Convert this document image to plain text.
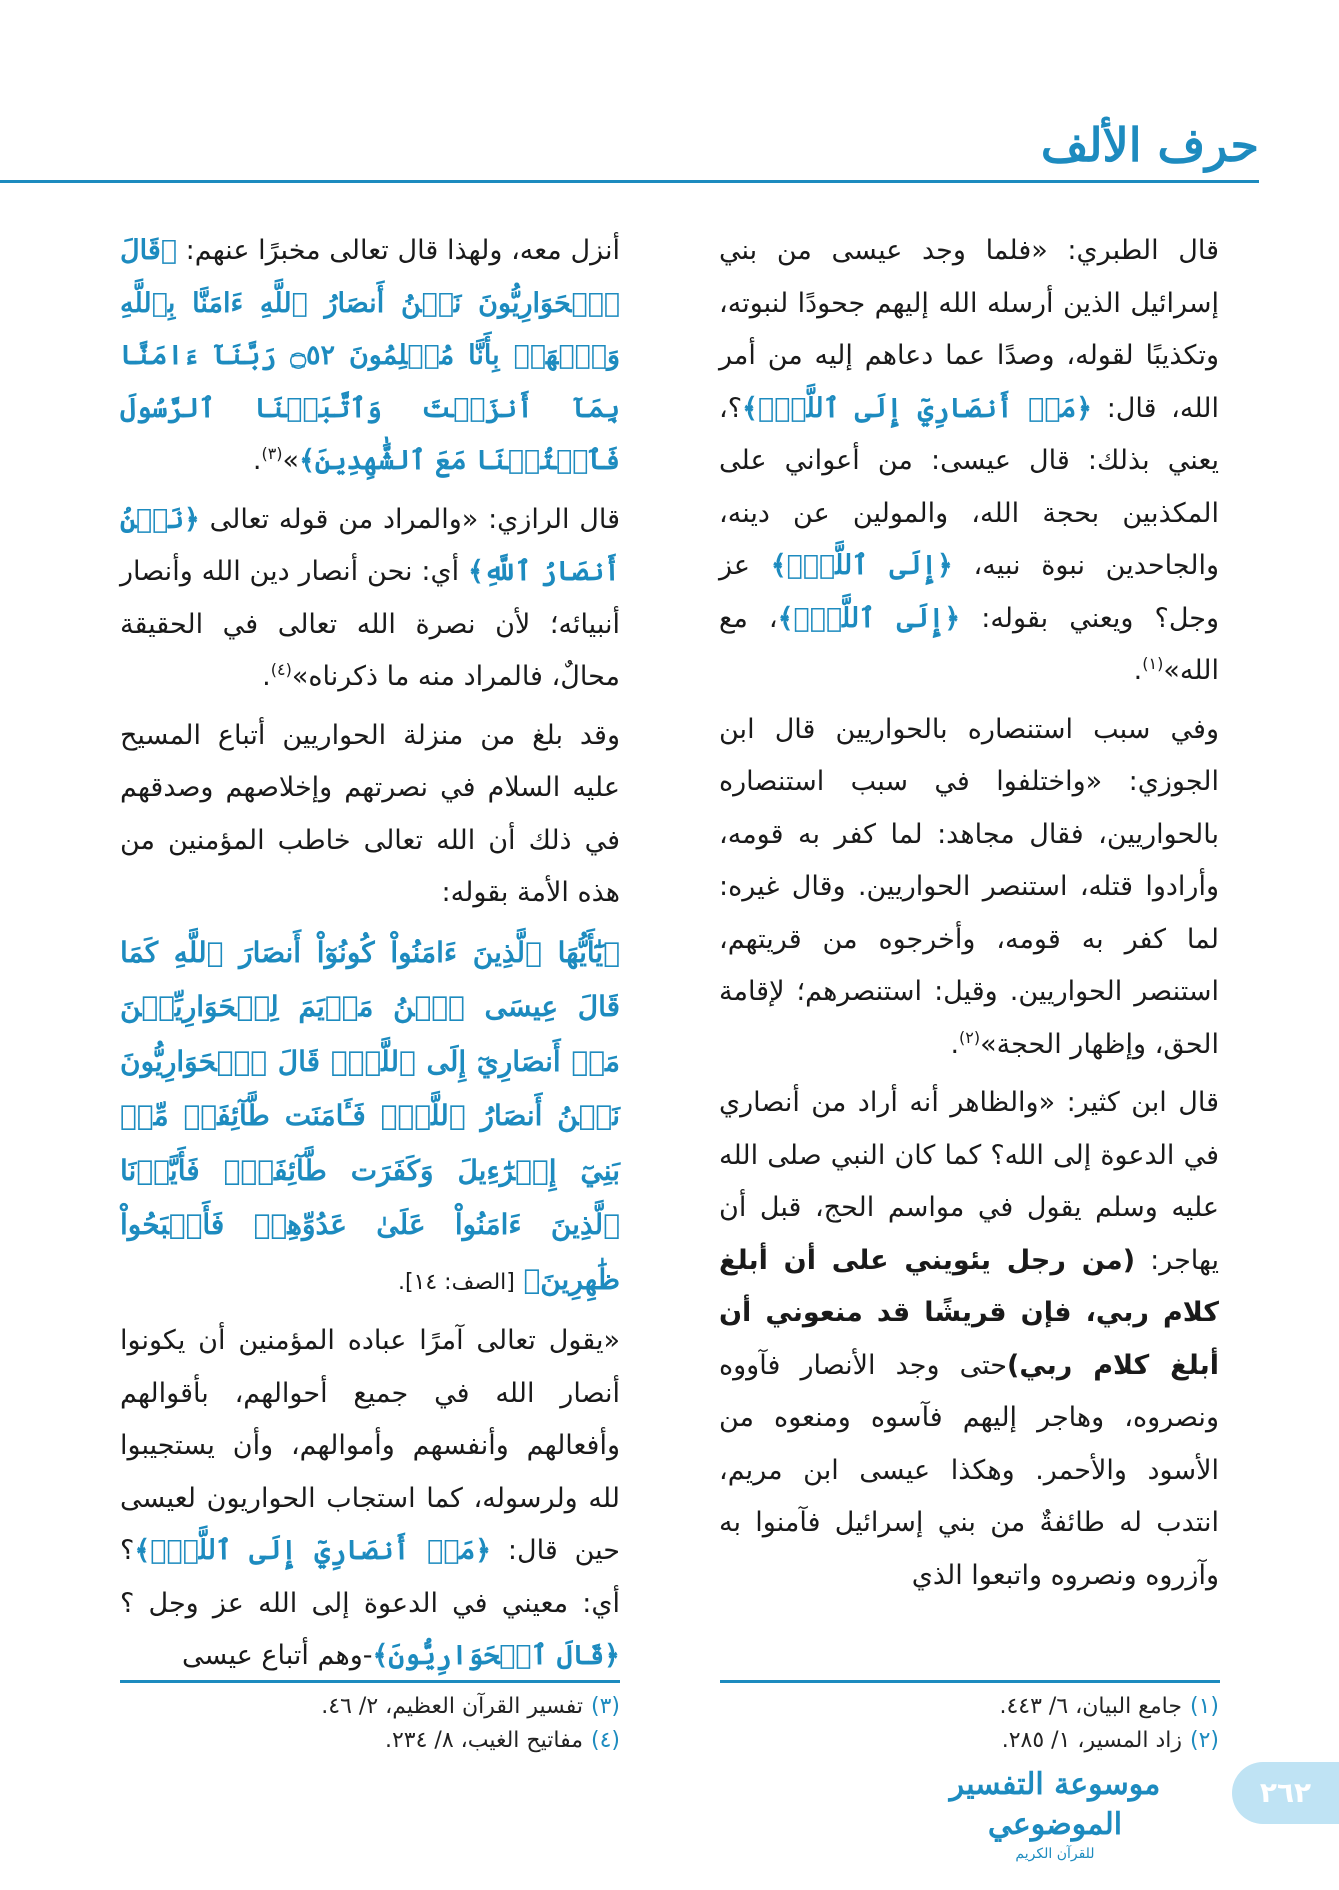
حرف الألف

قال الطبري: «فلما وجد عيسى من بني إسرائيل الذين أرسله الله إليهم جحودًا لنبوته، وتكذيبًا لقوله، وصدًا عما دعاهم إليه من أمر الله، قال: ﴿مَنۡ أَنصَارِيٓ إِلَى ٱللَّهِۖ﴾؟، يعني بذلك: قال عيسى: من أعواني على المكذبين بحجة الله، والمولين عن دينه، والجاحدين نبوة نبيه، ﴿إِلَى ٱللَّهِۖ﴾ عز وجل؟ ويعني بقوله: ﴿إِلَى ٱللَّهِۖ﴾، مع الله»$^{(١)}$.

وفي سبب استنصاره بالحواريين قال ابن الجوزي: «واختلفوا في سبب استنصاره بالحواريين، فقال مجاهد: لما كفر به قومه، وأرادوا قتله، استنصر الحواريين. وقال غيره: لما كفر به قومه، وأخرجوه من قريتهم، استنصر الحواريين. وقيل: استنصرهم؛ لإقامة الحق، وإظهار الحجة»$^{(٢)}$.

قال ابن كثير: «والظاهر أنه أراد من أنصاري في الدعوة إلى الله؟ كما كان النبي صلى الله عليه وسلم يقول في مواسم الحج، قبل أن يهاجر: (من رجل يئويني على أن أبلغ كلام ربي، فإن قريشًا قد منعوني أن أبلغ كلام ربي)حتى وجد الأنصار فآووه ونصروه، وهاجر إليهم فآسوه ومنعوه من الأسود والأحمر. وهكذا عيسى ابن مريم، انتدب له طائفةٌ من بني إسرائيل فآمنوا به وآزروه ونصروه واتبعوا الذي

أنزل معه، ولهذا قال تعالى مخبرًا عنهم: ﴿قَالَ ٱلۡحَوَارِيُّونَ نَحۡنُ أَنصَارُ ٱللَّهِ ءَامَنَّا بِٱللَّهِ وَٱشۡهَدۡ بِأَنَّا مُسۡلِمُونَ ۝٥٢ رَبَّنَآ ءَامَنَّا بِمَآ أَنزَلۡتَ وَٱتَّبَعۡنَا ٱلرَّسُولَ فَٱكۡتُبۡنَا مَعَ ٱلشَّٰهِدِينَ﴾»$^{(٣)}$.

قال الرازي: «والمراد من قوله تعالى ﴿نَحۡنُ أَنصَارُ ٱللَّهِ﴾ أي: نحن أنصار دين الله وأنصار أنبيائه؛ لأن نصرة الله تعالى في الحقيقة محالٌ، فالمراد منه ما ذكرناه»$^{(٤)}$.

وقد بلغ من منزلة الحواريين أتباع المسيح عليه السلام في نصرتهم وإخلاصهم وصدقهم في ذلك أن الله تعالى خاطب المؤمنين من هذه الأمة بقوله:

﴿يَٰٓأَيُّهَا ٱلَّذِينَ ءَامَنُواْ كُونُوٓاْ أَنصَارَ ٱللَّهِ كَمَا قَالَ عِيسَى ٱبۡنُ مَرۡيَمَ لِلۡحَوَارِيِّـۧنَ مَنۡ أَنصَارِيٓ إِلَى ٱللَّهِۖ قَالَ ٱلۡحَوَارِيُّونَ نَحۡنُ أَنصَارُ ٱللَّهِۖ فَـَٔامَنَت طَّآئِفَةٞ مِّنۢ بَنِيٓ إِسۡرَٰٓءِيلَ وَكَفَرَت طَّآئِفَةٞۖ فَأَيَّدۡنَا ٱلَّذِينَ ءَامَنُواْ عَلَىٰ عَدُوِّهِمۡ فَأَصۡبَحُواْ ظَٰهِرِينَ﴾ [الصف: ١٤].

«يقول تعالى آمرًا عباده المؤمنين أن يكونوا أنصار الله في جميع أحوالهم، بأقوالهم وأفعالهم وأنفسهم وأموالهم، وأن يستجيبوا لله ولرسوله، كما استجاب الحواريون لعيسى حين قال: ﴿مَنۡ أَنصَارِيٓ إِلَى ٱللَّهِۖ﴾؟ أي: معيني في الدعوة إلى الله عز وجل ؟ ﴿قَالَ ٱلۡحَوَارِيُّونَ﴾-وهم أتباع عيسى

(١)جامع البيان، ٦/ ٤٤٣.
(٢)زاد المسير، ١/ ٢٨٥.
(٣)تفسير القرآن العظيم، ٢/ ٤٦.
(٤)مفاتيح الغيب، ٨/ ٢٣٤.
موسوعة التفسير الموضوعي
للقرآن الكريم
٢٦٢
